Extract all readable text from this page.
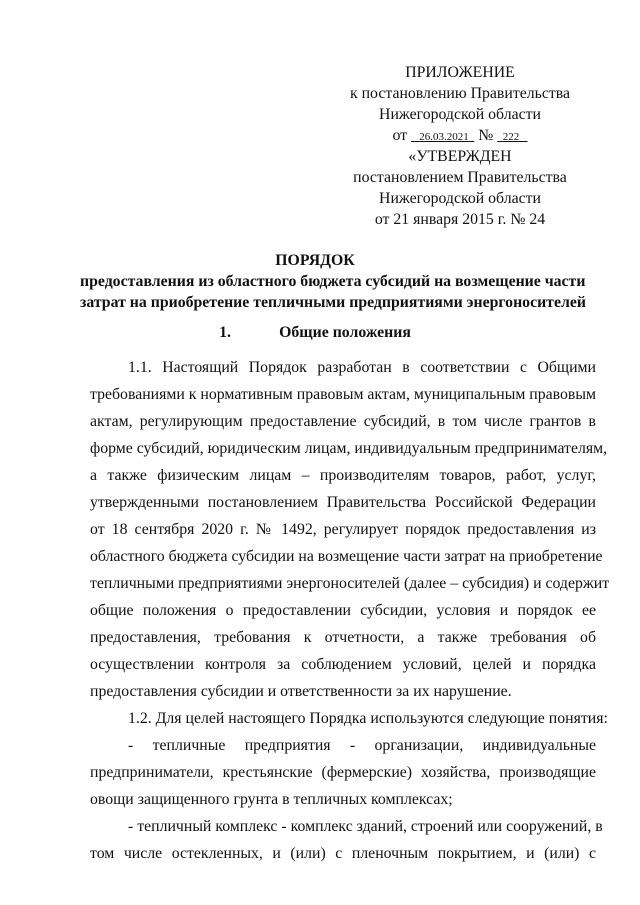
ПРИЛОЖЕНИЕ
к постановлению Правительства
Нижегородской области
от 26.03.2021 № 222
«УТВЕРЖДЕН
постановлением Правительства
Нижегородской области
от 21 января 2015 г. № 24
ПОРЯДОК
предоставления из областного бюджета субсидий на возмещение части
затрат на приобретение тепличными предприятиями энергоносителей
1.	Общие положения
1.1. Настоящий Порядок разработан в соответствии с Общими
требованиями к нормативным правовым актам, муниципальным правовым
актам, регулирующим предоставление субсидий, в том числе грантов в
форме субсидий, юридическим лицам, индивидуальным предпринимателям,
а также физическим лицам – производителям товаров, работ, услуг,
утвержденными постановлением Правительства Российской Федерации
от 18 сентября 2020 г. № 1492, регулирует порядок предоставления из
областного бюджета субсидии на возмещение части затрат на приобретение
тепличными предприятиями энергоносителей (далее – субсидия) и содержит
общие положения о предоставлении субсидии, условия и порядок ее
предоставления, требования к отчетности, а также требования об
осуществлении контроля за соблюдением условий, целей и порядка
предоставления субсидии и ответственности за их нарушение.
1.2. Для целей настоящего Порядка используются следующие понятия:
- тепличные предприятия - организации, индивидуальные
предприниматели, крестьянские (фермерские) хозяйства, производящие
овощи защищенного грунта в тепличных комплексах;
- тепличный комплекс - комплекс зданий, строений или сооружений, в
том числе остекленных, и (или) с пленочным покрытием, и (или) с
